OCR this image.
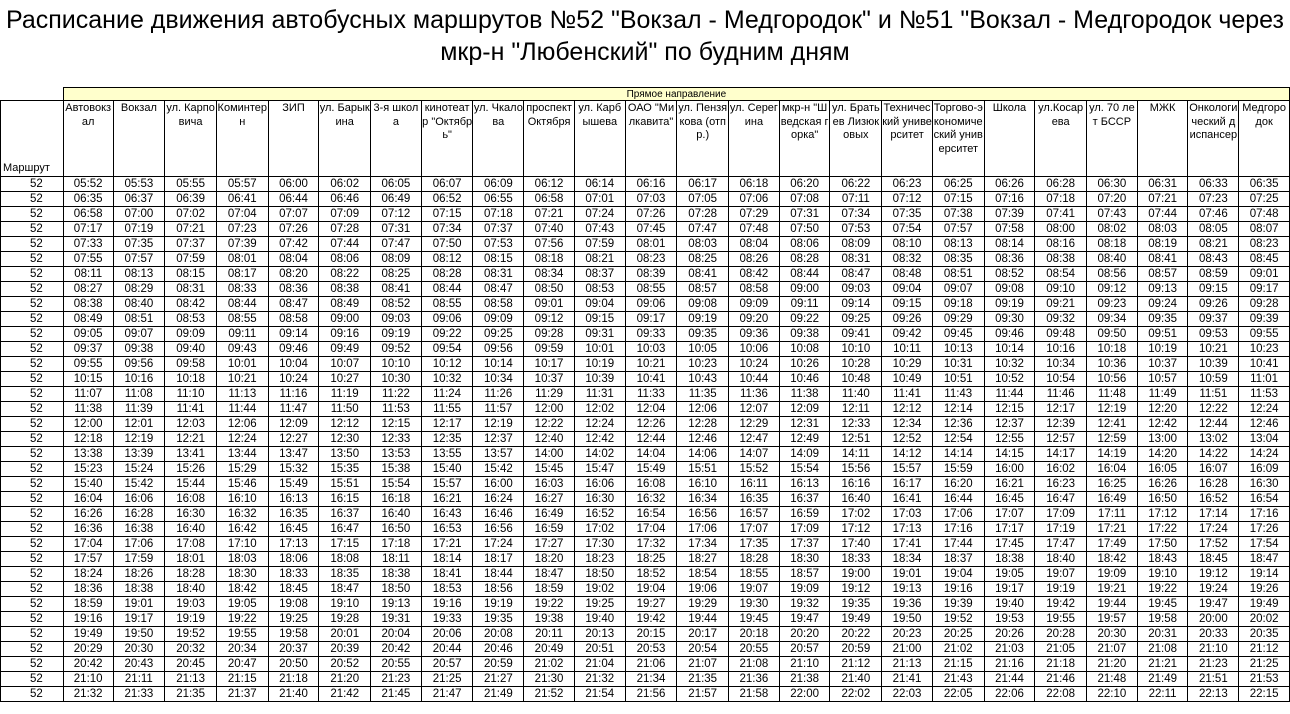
Расписание движения автобусных маршрутов №52 "Вокзал - Медгородок" и №51 "Вокзал - Медгородок через мкр-н "Любенский" по будним дням
	Прямое направление																							
Маршрут	Автовокзал	Вокзал	ул. Карповича	Коминтерн	ЗИП	ул. Барыкина	3-я школа	кинотеатр "Октябрь"	ул. Чкалова	проспект Октября	ул. Карбышева	ОАО "Милкавита"	ул. Пензякова (отпр.)	ул. Серегина	мкр-н "Шведская горка"	ул. Братьев Лизюковых	Технический университет	Торгово-экономический университет	Школа	ул.Косарева	ул. 70 лет БССР	МЖК	Онкологический диспансер	Медгородок
52	05:52	05:53	05:55	05:57	06:00	06:02	06:05	06:07	06:09	06:12	06:14	06:16	06:17	06:18	06:20	06:22	06:23	06:25	06:26	06:28	06:30	06:31	06:33	06:35
52	06:35	06:37	06:39	06:41	06:44	06:46	06:49	06:52	06:55	06:58	07:01	07:03	07:05	07:06	07:08	07:11	07:12	07:15	07:16	07:18	07:20	07:21	07:23	07:25
52	06:58	07:00	07:02	07:04	07:07	07:09	07:12	07:15	07:18	07:21	07:24	07:26	07:28	07:29	07:31	07:34	07:35	07:38	07:39	07:41	07:43	07:44	07:46	07:48
52	07:17	07:19	07:21	07:23	07:26	07:28	07:31	07:34	07:37	07:40	07:43	07:45	07:47	07:48	07:50	07:53	07:54	07:57	07:58	08:00	08:02	08:03	08:05	08:07
52	07:33	07:35	07:37	07:39	07:42	07:44	07:47	07:50	07:53	07:56	07:59	08:01	08:03	08:04	08:06	08:09	08:10	08:13	08:14	08:16	08:18	08:19	08:21	08:23
52	07:55	07:57	07:59	08:01	08:04	08:06	08:09	08:12	08:15	08:18	08:21	08:23	08:25	08:26	08:28	08:31	08:32	08:35	08:36	08:38	08:40	08:41	08:43	08:45
52	08:11	08:13	08:15	08:17	08:20	08:22	08:25	08:28	08:31	08:34	08:37	08:39	08:41	08:42	08:44	08:47	08:48	08:51	08:52	08:54	08:56	08:57	08:59	09:01
52	08:27	08:29	08:31	08:33	08:36	08:38	08:41	08:44	08:47	08:50	08:53	08:55	08:57	08:58	09:00	09:03	09:04	09:07	09:08	09:10	09:12	09:13	09:15	09:17
52	08:38	08:40	08:42	08:44	08:47	08:49	08:52	08:55	08:58	09:01	09:04	09:06	09:08	09:09	09:11	09:14	09:15	09:18	09:19	09:21	09:23	09:24	09:26	09:28
52	08:49	08:51	08:53	08:55	08:58	09:00	09:03	09:06	09:09	09:12	09:15	09:17	09:19	09:20	09:22	09:25	09:26	09:29	09:30	09:32	09:34	09:35	09:37	09:39
52	09:05	09:07	09:09	09:11	09:14	09:16	09:19	09:22	09:25	09:28	09:31	09:33	09:35	09:36	09:38	09:41	09:42	09:45	09:46	09:48	09:50	09:51	09:53	09:55
52	09:37	09:38	09:40	09:43	09:46	09:49	09:52	09:54	09:56	09:59	10:01	10:03	10:05	10:06	10:08	10:10	10:11	10:13	10:14	10:16	10:18	10:19	10:21	10:23
52	09:55	09:56	09:58	10:01	10:04	10:07	10:10	10:12	10:14	10:17	10:19	10:21	10:23	10:24	10:26	10:28	10:29	10:31	10:32	10:34	10:36	10:37	10:39	10:41
52	10:15	10:16	10:18	10:21	10:24	10:27	10:30	10:32	10:34	10:37	10:39	10:41	10:43	10:44	10:46	10:48	10:49	10:51	10:52	10:54	10:56	10:57	10:59	11:01
52	11:07	11:08	11:10	11:13	11:16	11:19	11:22	11:24	11:26	11:29	11:31	11:33	11:35	11:36	11:38	11:40	11:41	11:43	11:44	11:46	11:48	11:49	11:51	11:53
52	11:38	11:39	11:41	11:44	11:47	11:50	11:53	11:55	11:57	12:00	12:02	12:04	12:06	12:07	12:09	12:11	12:12	12:14	12:15	12:17	12:19	12:20	12:22	12:24
52	12:00	12:01	12:03	12:06	12:09	12:12	12:15	12:17	12:19	12:22	12:24	12:26	12:28	12:29	12:31	12:33	12:34	12:36	12:37	12:39	12:41	12:42	12:44	12:46
52	12:18	12:19	12:21	12:24	12:27	12:30	12:33	12:35	12:37	12:40	12:42	12:44	12:46	12:47	12:49	12:51	12:52	12:54	12:55	12:57	12:59	13:00	13:02	13:04
52	13:38	13:39	13:41	13:44	13:47	13:50	13:53	13:55	13:57	14:00	14:02	14:04	14:06	14:07	14:09	14:11	14:12	14:14	14:15	14:17	14:19	14:20	14:22	14:24
52	15:23	15:24	15:26	15:29	15:32	15:35	15:38	15:40	15:42	15:45	15:47	15:49	15:51	15:52	15:54	15:56	15:57	15:59	16:00	16:02	16:04	16:05	16:07	16:09
52	15:40	15:42	15:44	15:46	15:49	15:51	15:54	15:57	16:00	16:03	16:06	16:08	16:10	16:11	16:13	16:16	16:17	16:20	16:21	16:23	16:25	16:26	16:28	16:30
52	16:04	16:06	16:08	16:10	16:13	16:15	16:18	16:21	16:24	16:27	16:30	16:32	16:34	16:35	16:37	16:40	16:41	16:44	16:45	16:47	16:49	16:50	16:52	16:54
52	16:26	16:28	16:30	16:32	16:35	16:37	16:40	16:43	16:46	16:49	16:52	16:54	16:56	16:57	16:59	17:02	17:03	17:06	17:07	17:09	17:11	17:12	17:14	17:16
52	16:36	16:38	16:40	16:42	16:45	16:47	16:50	16:53	16:56	16:59	17:02	17:04	17:06	17:07	17:09	17:12	17:13	17:16	17:17	17:19	17:21	17:22	17:24	17:26
52	17:04	17:06	17:08	17:10	17:13	17:15	17:18	17:21	17:24	17:27	17:30	17:32	17:34	17:35	17:37	17:40	17:41	17:44	17:45	17:47	17:49	17:50	17:52	17:54
52	17:57	17:59	18:01	18:03	18:06	18:08	18:11	18:14	18:17	18:20	18:23	18:25	18:27	18:28	18:30	18:33	18:34	18:37	18:38	18:40	18:42	18:43	18:45	18:47
52	18:24	18:26	18:28	18:30	18:33	18:35	18:38	18:41	18:44	18:47	18:50	18:52	18:54	18:55	18:57	19:00	19:01	19:04	19:05	19:07	19:09	19:10	19:12	19:14
52	18:36	18:38	18:40	18:42	18:45	18:47	18:50	18:53	18:56	18:59	19:02	19:04	19:06	19:07	19:09	19:12	19:13	19:16	19:17	19:19	19:21	19:22	19:24	19:26
52	18:59	19:01	19:03	19:05	19:08	19:10	19:13	19:16	19:19	19:22	19:25	19:27	19:29	19:30	19:32	19:35	19:36	19:39	19:40	19:42	19:44	19:45	19:47	19:49
52	19:16	19:17	19:19	19:22	19:25	19:28	19:31	19:33	19:35	19:38	19:40	19:42	19:44	19:45	19:47	19:49	19:50	19:52	19:53	19:55	19:57	19:58	20:00	20:02
52	19:49	19:50	19:52	19:55	19:58	20:01	20:04	20:06	20:08	20:11	20:13	20:15	20:17	20:18	20:20	20:22	20:23	20:25	20:26	20:28	20:30	20:31	20:33	20:35
52	20:29	20:30	20:32	20:34	20:37	20:39	20:42	20:44	20:46	20:49	20:51	20:53	20:54	20:55	20:57	20:59	21:00	21:02	21:03	21:05	21:07	21:08	21:10	21:12
52	20:42	20:43	20:45	20:47	20:50	20:52	20:55	20:57	20:59	21:02	21:04	21:06	21:07	21:08	21:10	21:12	21:13	21:15	21:16	21:18	21:20	21:21	21:23	21:25
52	21:10	21:11	21:13	21:15	21:18	21:20	21:23	21:25	21:27	21:30	21:32	21:34	21:35	21:36	21:38	21:40	21:41	21:43	21:44	21:46	21:48	21:49	21:51	21:53
52	21:32	21:33	21:35	21:37	21:40	21:42	21:45	21:47	21:49	21:52	21:54	21:56	21:57	21:58	22:00	22:02	22:03	22:05	22:06	22:08	22:10	22:11	22:13	22:15
